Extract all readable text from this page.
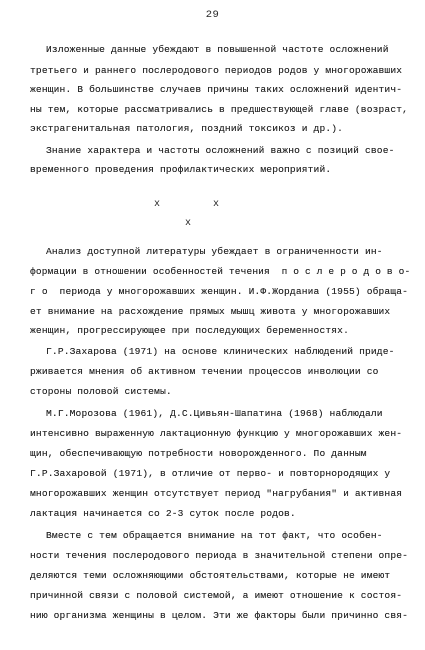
29
Изложенные данные убеждают в повышенной частоте осложнений
третьего и раннего послеродового периодов родов у многорожавших
женщин. В большинстве случаев причины таких осложнений идентич-
ны тем, которые рассматривались в предшествующей главе (возраст,
экстрагенитальная патология, поздний токсикоз и др.).
Знание характера и частоты осложнений важно с позиций свое-
временного проведения профилактических мероприятий.
x	x
x
Анализ доступной литературы убеждает в ограниченности ин-
формации в отношении особенностей течения  п о с л е р о д о в о-
г о  периода у многорожавших женщин. И.Ф.Жорданиа (1955) обраща-
ет внимание на расхождение прямых мышц живота у многорожавших
женщин, прогрессирующее при последующих беременностях.
Г.Р.Захарова (1971) на основе клинических наблюдений приде-
рживается мнения об активном течении процессов инволюции со
стороны половой системы.
М.Г.Морозова (1961), Д.С.Цивьян-Шапатина (1968) наблюдали
интенсивно выраженную лактационную функцию у многорожавших жен-
щин, обеспечивающую потребности новорожденного. По данным
Г.Р.Захаровой (1971), в отличие от перво- и повторнородящих у
многорожавших женщин отсутствует период "нагрубания" и активная
лактация начинается со 2-3 суток после родов.
Вместе с тем обращается внимание на тот факт, что особен-
ности течения послеродового периода в значительной степени опре-
деляются теми осложняющими обстоятельствами, которые не имеют
причинной связи с половой системой, а имеют отношение к состоя-
нию организма женщины в целом. Эти же факторы были причинно свя-
